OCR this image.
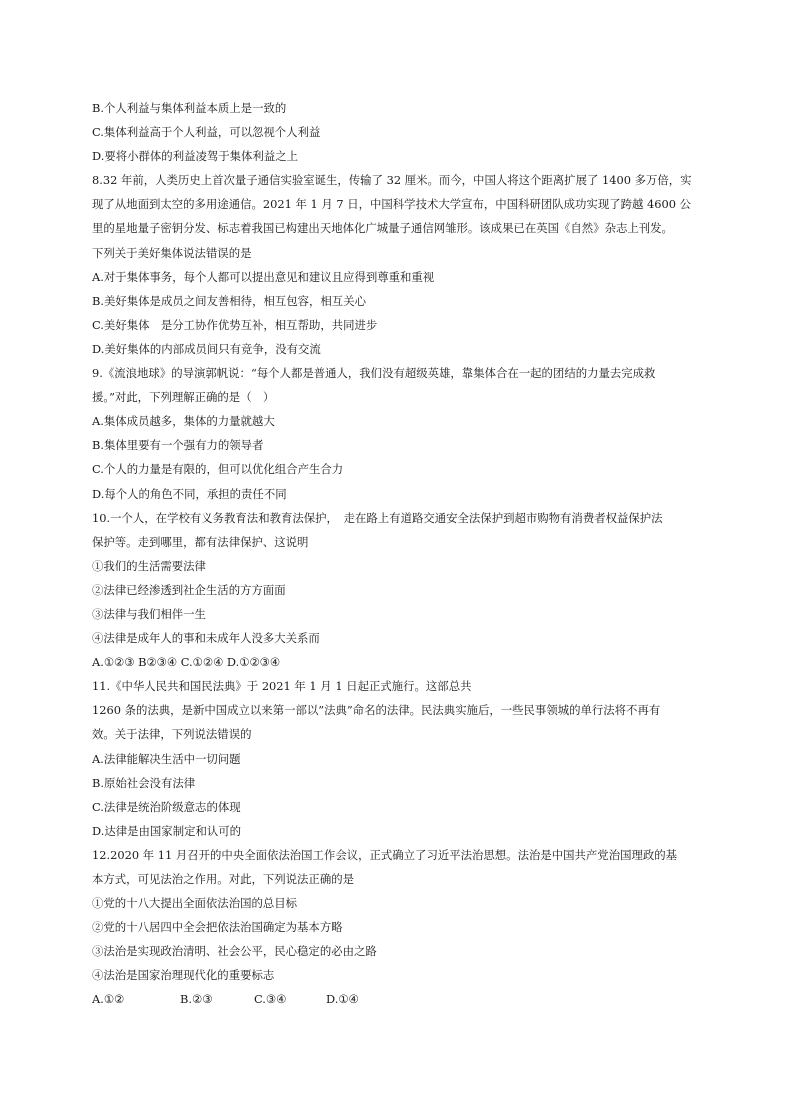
B.个人利益与集体利益本质上是一致的
C.集体利益高于个人利益，可以忽视个人利益
D.要将小群体的利益凌驾于集体利益之上
8.32 年前，人类历史上首次量子通信实验室诞生，传输了 32 厘米。而今，中国人将这个距离扩展了 1400 多万倍，实
现了从地面到太空的多用途通信。2021 年 1 月 7 日，中国科学技术大学宣布，中国科研团队成功实现了跨越 4600 公
里的星地量子密钥分发、标志着我国已构建出天地体化广城量子通信网雏形。该成果已在英国《自然》杂志上刊发。
下列关于美好集体说法错误的是
A.对于集体事务，每个人都可以提出意见和建议且应得到尊重和重视
B.美好集体是成员之间友善相待，相互包容，相互关心
C.美好集体　是分工协作优势互补，相互帮助，共同进步
D.美好集体的内部成员间只有竞争，没有交流
9.《流浪地球》的导演郭帆说：“每个人都是普通人，我们没有超级英雄，靠集体合在一起的团结的力量去完成救
援。”对此，下列理解正确的是（　）
A.集体成员越多，集体的力量就越大
B.集体里要有一个强有力的领导者
C.个人的力量是有限的，但可以优化组合产生合力
D.每个人的角色不同，承担的责任不同
10.一个人，在学校有义务教育法和教育法保护，　走在路上有道路交通安全法保护到超市购物有消费者权益保护法
保护等。走到哪里，都有法律保护、这说明
①我们的生活需要法律
②法律已经渗透到社企生活的方方面面
③法律与我们相伴一生
④法律是成年人的事和未成年人没多大关系而
A.①②③ B②③④ C.①②④ D.①②③④
11.《中华人民共和国民法典》于 2021 年 1 月 1 日起正式施行。这部总共
1260 条的法典，是新中国成立以来第一部以”法典”命名的法律。民法典实施后，一些民事领城的单行法将不再有
效。关于法律，下列说法错误的
A.法律能解决生活中一切问题
B.原始社会没有法律
C.法律是统治阶级意志的体现
D.达律是由国家制定和认可的
12.2020 年 11 月召开的中央全面依法治国工作会议，正式确立了习近平法治思想。法治是中国共产党治国理政的基
本方式，可见法治之作用。对此，下列说法正确的是
①党的十八大提出全面依法治国的总目标
②党的十八居四中全会把依法治国确定为基本方略
③法治是实现政治清明、社会公平，民心稳定的必由之路
④法治是国家治理现代化的重要标志
A.①②	B.②③	C.③④	D.①④
